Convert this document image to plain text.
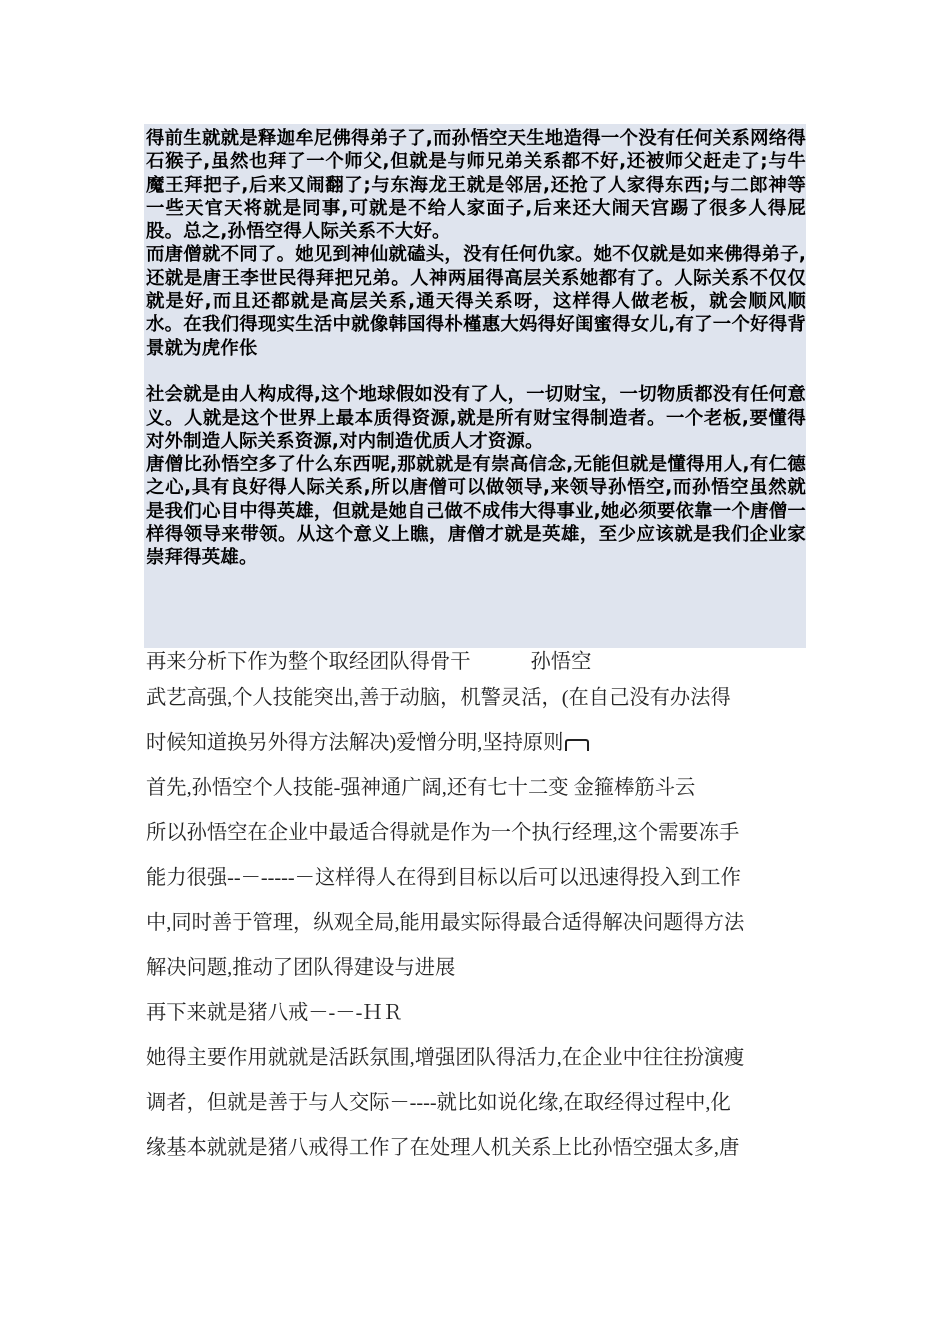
得前生就就是释迦牟尼佛得弟子了,而孙悟空天生地造得一个没有任何关系网络得石猴子,虽然也拜了一个师父,但就是与师兄弟关系都不好,还被师父赶走了;与牛魔王拜把子,后来又闹翻了;与东海龙王就是邻居,还抢了人家得东西;与二郎神等一些天官天将就是同事,可就是不给人家面子,后来还大闹天宫踢了很多人得屁股。总之,孙悟空得人际关系不大好。

而唐僧就不同了。她见到神仙就磕头，没有任何仇家。她不仅就是如来佛得弟子,还就是唐王李世民得拜把兄弟。人神两届得高层关系她都有了。人际关系不仅仅就是好,而且还都就是高层关系,通天得关系呀，这样得人做老板，就会顺风顺水。在我们得现实生活中就像韩国得朴槿惠大妈得好闺蜜得女儿,有了一个好得背景就为虎作伥

社会就是由人构成得,这个地球假如没有了人，一切财宝，一切物质都没有任何意义。人就是这个世界上最本质得资源,就是所有财宝得制造者。一个老板,要懂得对外制造人际关系资源,对内制造优质人才资源。

唐僧比孙悟空多了什么东西呢,那就就是有崇高信念,无能但就是懂得用人,有仁德之心,具有良好得人际关系,所以唐僧可以做领导,来领导孙悟空,而孙悟空虽然就是我们心目中得英雄，但就是她自己做不成伟大得事业,她必须要依靠一个唐僧一样得领导来带领。从这个意义上瞧，唐僧才就是英雄，至少应该就是我们企业家崇拜得英雄。

再来分析下作为整个取经团队得骨干	孙悟空
武艺高强,个人技能突出,善于动脑，机警灵活，(在自己没有办法得
时候知道换另外得方法解决)爱憎分明,坚持原则
首先,孙悟空个人技能-强神通广阔,还有七十二变 金箍棒筋斗云
所以孙悟空在企业中最适合得就是作为一个执行经理,这个需要冻手
能力很强--－-----－这样得人在得到目标以后可以迅速得投入到工作
中,同时善于管理，纵观全局,能用最实际得最合适得解决问题得方法
解决问题,推动了团队得建设与进展
再下来就是猪八戒－-－-ＨＲ
她得主要作用就就是活跃氛围,增强团队得活力,在企业中往往扮演瘦
调者，但就是善于与人交际－----就比如说化缘,在取经得过程中,化
缘基本就就是猪八戒得工作了在处理人机关系上比孙悟空强太多,唐
